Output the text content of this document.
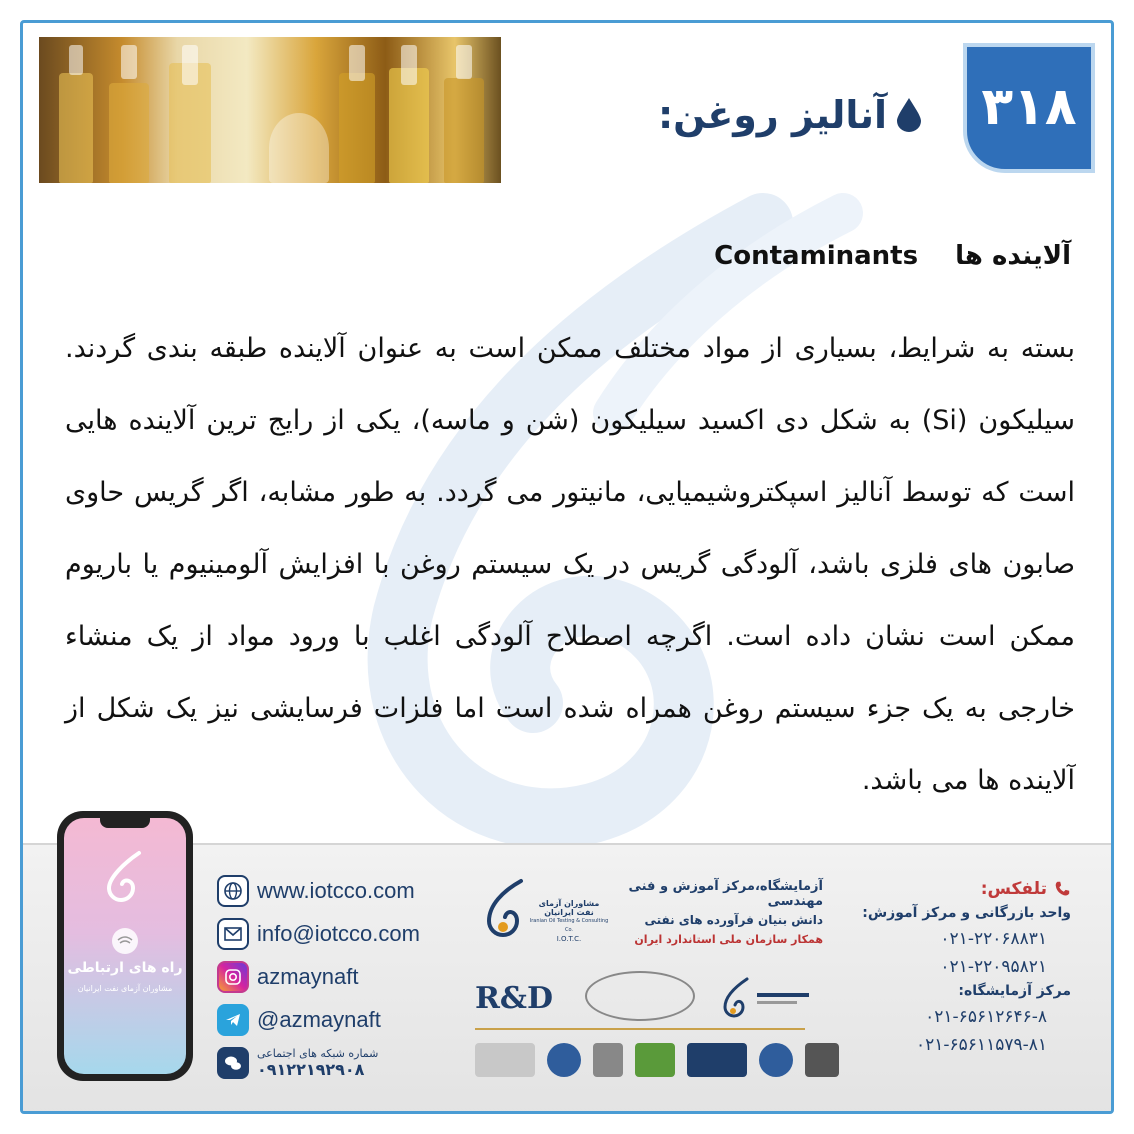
۳۱۸
آنالیز روغن:
آلاینده ها Contaminants

بسته به شرایط، بسیاری از مواد مختلف ممکن است به عنوان آلاینده طبقه بندی گردند. سیلیکون (Si) به شکل دی اکسید سیلیکون (شن و ماسه)، یکی از رایج ترین آلاینده هایی است که توسط آنالیز اسپکتروشیمیایی، مانیتور می گردد. به طور مشابه، اگر گریس حاوی صابون های فلزی باشد، آلودگی گریس در یک سیستم روغن با افزایش آلومینیوم یا باریوم ممکن است نشان داده است. اگرچه اصطلاح آلودگی اغلب با ورود مواد از یک منشاء خارجی به یک جزء سیستم روغن همراه شده است اما فلزات فرسایشی نیز یک شکل از آلاینده ها می باشد.

راه های ارتباطی
مشاوران آزمای نفت ایرانیان
www.iotcco.com
info@iotcco.com
azmaynaft
@azmaynaft
شماره شبکه های اجتماعی
۰۹۱۲۲۱۹۲۹۰۸
مشاوران آزمای نفت ایرانیان
Iranian Oil Testing & Consulting Co.
I.O.T.C.
آزمایشگاه،مرکز آموزش و فنی مهندسی
دانش بنیان فرآورده های نفتی
همکار سازمان ملی استاندارد ایران
R&D
تلفکس:
واحد بازرگانی و مرکز آموزش:
۰۲۱-۲۲۰۶۸۸۳۱
۰۲۱-۲۲۰۹۵۸۲۱
مرکز آزمایشگاه:
۰۲۱-۶۵۶۱۲۶۴۶-۸
۰۲۱-۶۵۶۱۱۵۷۹-۸۱
